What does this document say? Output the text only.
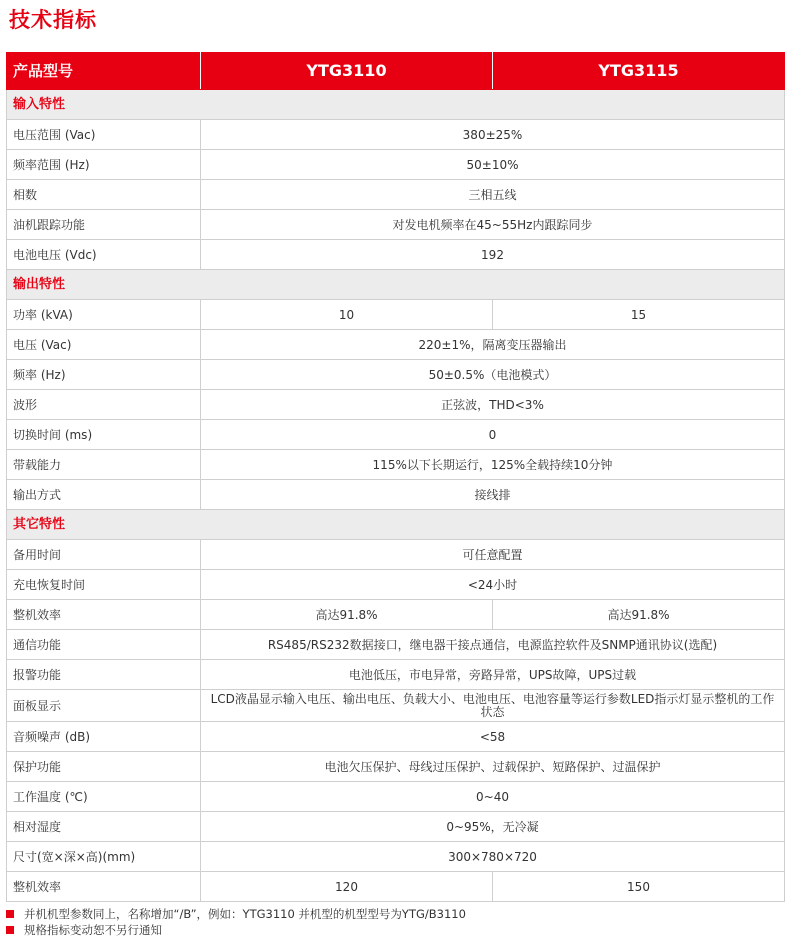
技术指标
产品型号	YTG3110	YTG3115
输入特性		
电压范围 (Vac)	380±25%	
频率范围 (Hz)	50±10%	
相数	三相五线	
油机跟踪功能	对发电机频率在45~55Hz内跟踪同步	
电池电压 (Vdc)	192	
输出特性		
功率 (kVA)	10	15
电压 (Vac)	220±1%，隔离变压器输出	
频率 (Hz)	50±0.5%（电池模式）	
波形	正弦波，THD<3%	
切换时间 (ms)	0	
带载能力	115%以下长期运行，125%全载持续10分钟	
输出方式	接线排	
其它特性		
备用时间	可任意配置	
充电恢复时间	<24小时	
整机效率	高达91.8%	高达91.8%
通信功能	RS485/RS232数据接口，继电器干接点通信，电源监控软件及SNMP通讯协议(选配)	
报警功能	电池低压，市电异常，旁路异常，UPS故障，UPS过载	
面板显示	LCD液晶显示输入电压、输出电压、负载大小、电池电压、电池容量等运行参数LED指示灯显示整机的工作状态	
音频噪声 (dB)	<58	
保护功能	电池欠压保护、母线过压保护、过载保护、短路保护、过温保护	
工作温度 (℃)	0~40	
相对湿度	0~95%，无冷凝	
尺寸(宽×深×高)(mm)	300×780×720	
整机效率	120	150
并机机型参数同上，名称增加“/B”，例如：YTG3110 并机型的机型型号为YTG/B3110
规格指标变动恕不另行通知
